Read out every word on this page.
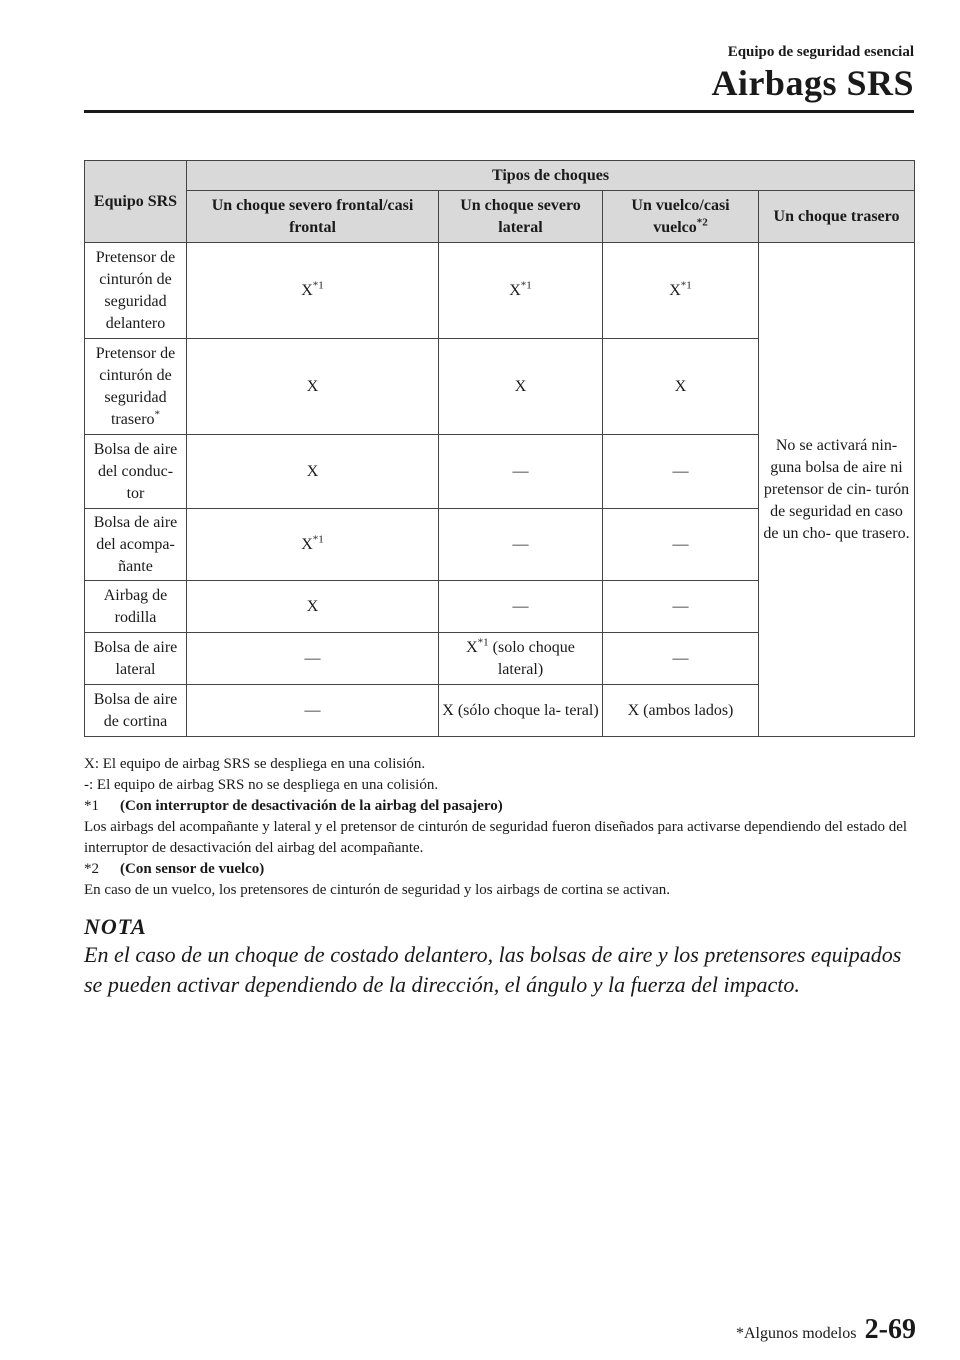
Equipo de seguridad esencial
Airbags SRS
Equipo SRS	Tipos de choques			
	Un choque severo frontal/casi frontal	Un choque severo lateral	Un vuelco/casi vuelco$^{*2}$	Un choque trasero
Pretensor de cinturón de seguridad delantero	$X^{*1}$	$X^{*1}$	$X^{*1}$	No se activará nin- guna bolsa de aire ni pretensor de cin- turón de seguridad en caso de un cho- que trasero.
Pretensor de cinturón de seguridad trasero*	X	X	X	
Bolsa de aire del conduc- tor	X	—	—	
Bolsa de aire del acompa- ñante	$X^{*1}$	—	—	
Airbag de rodilla	X	—	—	
Bolsa de aire lateral	—	$X^{*1}$ (solo choque lateral)	—	
Bolsa de aire de cortina	—	X (sólo choque la- teral)	X (ambos lados)	

X: El equipo de airbag SRS se despliega en una colisión.

-: El equipo de airbag SRS no se despliega en una colisión.

*1	(Con interruptor de desactivación de la airbag del pasajero)

Los airbags del acompañante y lateral y el pretensor de cinturón de seguridad fueron diseñados para activarse dependiendo del estado del interruptor de desactivación del airbag del acompañante.

*2	(Con sensor de vuelco)

En caso de un vuelco, los pretensores de cinturón de seguridad y los airbags de cortina se activan.

NOTA
En el caso de un choque de costado delantero, las bolsas de aire y los pretensores equipados se pueden activar dependiendo de la dirección, el ángulo y la fuerza del impacto.
*Algunos modelos 2-69
